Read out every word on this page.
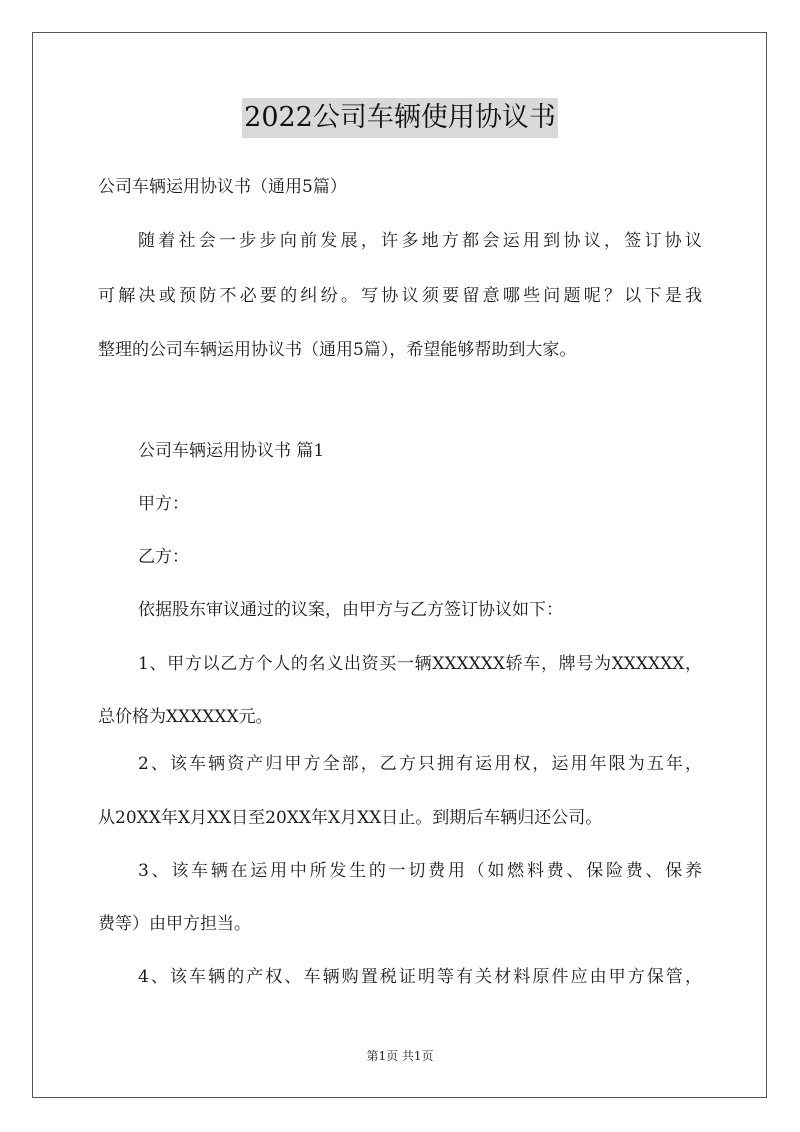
2022公司车辆使用协议书
公司车辆运用协议书（通用5篇）
随着社会一步步向前发展，许多地方都会运用到协议，签订协议
可解决或预防不必要的纠纷。写协议须要留意哪些问题呢？以下是我
整理的公司车辆运用协议书（通用5篇），希望能够帮助到大家。
公司车辆运用协议书 篇1
甲方：
乙方：
依据股东审议通过的议案，由甲方与乙方签订协议如下：
1、甲方以乙方个人的名义出资买一辆XXXXXX轿车，牌号为XXXXXX，
总价格为XXXXXX元。
2、该车辆资产归甲方全部，乙方只拥有运用权，运用年限为五年，
从20XX年X月XX日至20XX年X月XX日止。到期后车辆归还公司。
3、该车辆在运用中所发生的一切费用（如燃料费、保险费、保养
费等）由甲方担当。
4、该车辆的产权、车辆购置税证明等有关材料原件应由甲方保管，
第1页 共1页
